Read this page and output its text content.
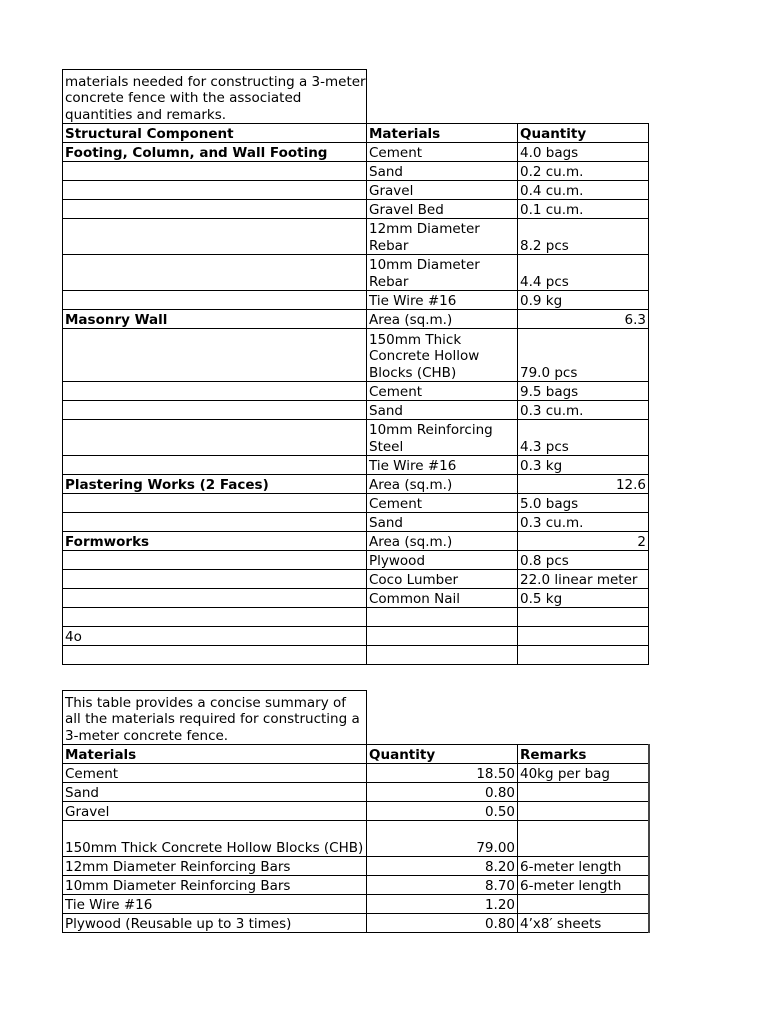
materials needed for constructing a 3-meter concrete fence with the associated quantities and remarks.		
Structural Component	Materials	Quantity
Footing, Column, and Wall Footing	Cement	4.0 bags
	Sand	0.2 cu.m.
	Gravel	0.4 cu.m.
	Gravel Bed	0.1 cu.m.
	12mm Diameter Rebar	8.2 pcs
	10mm Diameter Rebar	4.4 pcs
	Tie Wire #16	0.9 kg
Masonry Wall	Area (sq.m.)	6.3
	150mm Thick Concrete Hollow Blocks (CHB)	79.0 pcs
	Cement	9.5 bags
	Sand	0.3 cu.m.
	10mm Reinforcing Steel	4.3 pcs
	Tie Wire #16	0.3 kg
Plastering Works (2 Faces)	Area (sq.m.)	12.6
	Cement	5.0 bags
	Sand	0.3 cu.m.
Formworks	Area (sq.m.)	2
	Plywood	0.8 pcs
	Coco Lumber	22.0 linear meter
	Common Nail	0.5 kg

4o		

This table provides a concise summary of all the materials required for constructing a 3-meter concrete fence.		
Materials	Quantity	Remarks
Cement	18.50	40kg per bag
Sand	0.80	
Gravel	0.50	
150mm Thick Concrete Hollow Blocks (CHB)	79.00	
12mm Diameter Reinforcing Bars	8.20	6-meter length
10mm Diameter Reinforcing Bars	8.70	6-meter length
Tie Wire #16	1.20	
Plywood (Reusable up to 3 times)	0.80	4’x8′ sheets
